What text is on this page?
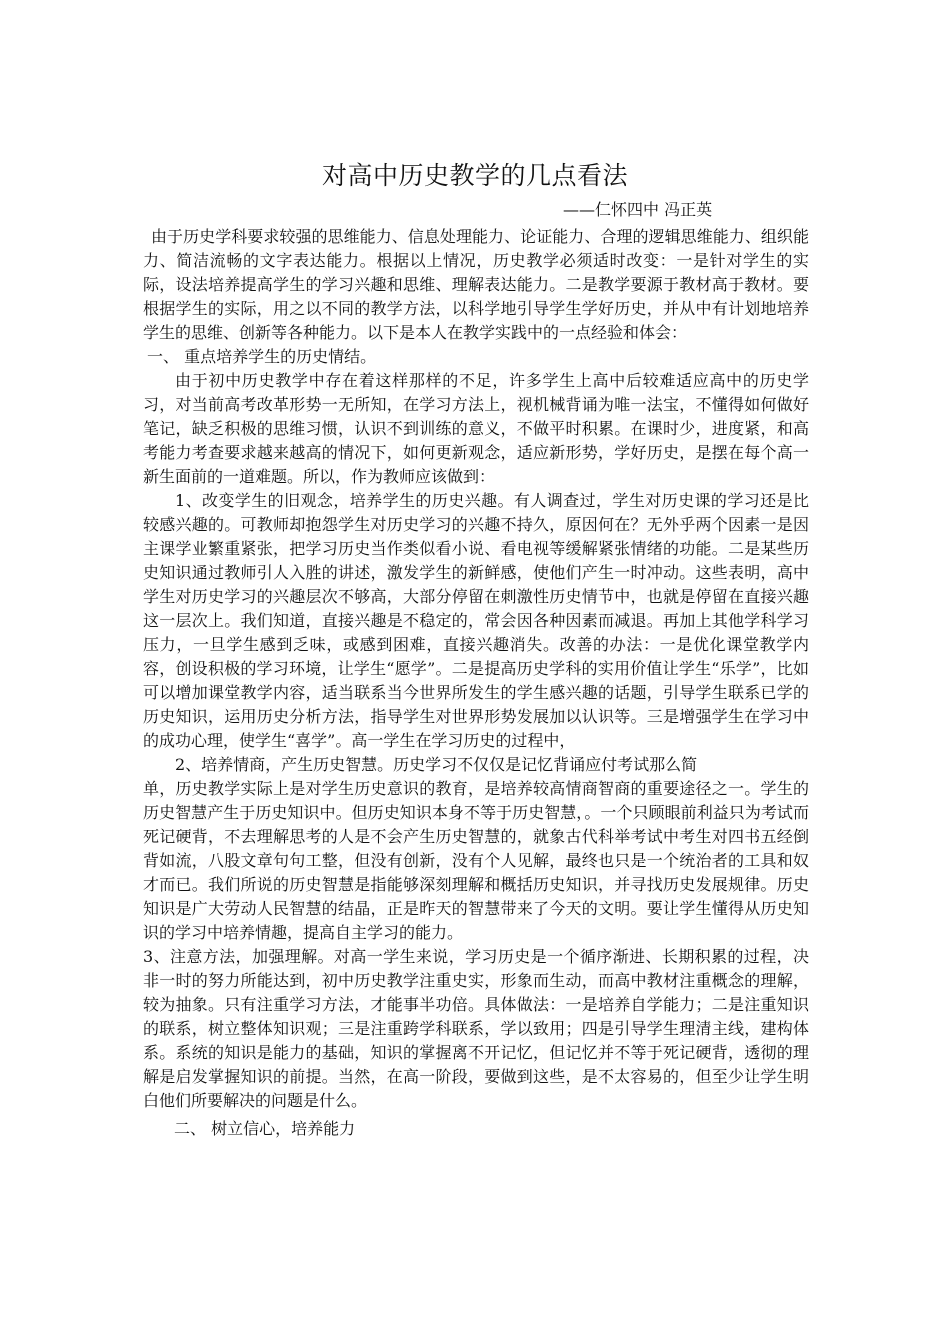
对高中历史教学的几点看法
——仁怀四中 冯正英

由于历史学科要求较强的思维能力、信息处理能力、论证能力、合理的逻辑思维能力、组织能力、简洁流畅的文字表达能力。根据以上情况，历史教学必须适时改变：一是针对学生的实际，设法培养提高学生的学习兴趣和思维、理解表达能力。二是教学要源于教材高于教材。要根据学生的实际，用之以不同的教学方法，以科学地引导学生学好历史，并从中有计划地培养学生的思维、创新等各种能力。以下是本人在教学实践中的一点经验和体会：

一、 重点培养学生的历史情结。

由于初中历史教学中存在着这样那样的不足，许多学生上高中后较难适应高中的历史学习，对当前高考改革形势一无所知，在学习方法上，视机械背诵为唯一法宝，不懂得如何做好笔记，缺乏积极的思维习惯，认识不到训练的意义，不做平时积累。在课时少，进度紧，和高考能力考查要求越来越高的情况下，如何更新观念，适应新形势，学好历史，是摆在每个高一新生面前的一道难题。所以，作为教师应该做到：

1、改变学生的旧观念，培养学生的历史兴趣。有人调查过，学生对历史课的学习还是比较感兴趣的。可教师却抱怨学生对历史学习的兴趣不持久，原因何在？无外乎两个因素一是因主课学业繁重紧张，把学习历史当作类似看小说、看电视等缓解紧张情绪的功能。二是某些历史知识通过教师引人入胜的讲述，激发学生的新鲜感，使他们产生一时冲动。这些表明，高中学生对历史学习的兴趣层次不够高，大部分停留在刺激性历史情节中，也就是停留在直接兴趣这一层次上。我们知道，直接兴趣是不稳定的，常会因各种因素而减退。再加上其他学科学习压力，一旦学生感到乏味，或感到困难，直接兴趣消失。改善的办法：一是优化课堂教学内容，创设积极的学习环境，让学生“愿学”。二是提高历史学科的实用价值让学生“乐学”，比如可以增加课堂教学内容，适当联系当今世界所发生的学生感兴趣的话题，引导学生联系已学的历史知识，运用历史分析方法，指导学生对世界形势发展加以认识等。三是增强学生在学习中的成功心理，使学生“喜学”。高一学生在学习历史的过程中，

2、培养情商，产生历史智慧。历史学习不仅仅是记忆背诵应付考试那么简

单，历史教学实际上是对学生历史意识的教育，是培养较高情商智商的重要途径之一。学生的历史智慧产生于历史知识中。但历史知识本身不等于历史智慧，。一个只顾眼前利益只为考试而死记硬背，不去理解思考的人是不会产生历史智慧的，就象古代科举考试中考生对四书五经倒背如流，八股文章句句工整，但没有创新，没有个人见解，最终也只是一个统治者的工具和奴才而已。我们所说的历史智慧是指能够深刻理解和概括历史知识，并寻找历史发展规律。历史知识是广大劳动人民智慧的结晶，正是昨天的智慧带来了今天的文明。要让学生懂得从历史知识的学习中培养情趣，提高自主学习的能力。

3、注意方法，加强理解。对高一学生来说，学习历史是一个循序渐进、长期积累的过程，决非一时的努力所能达到，初中历史教学注重史实，形象而生动，而高中教材注重概念的理解，较为抽象。只有注重学习方法，才能事半功倍。具体做法：一是培养自学能力；二是注重知识的联系，树立整体知识观；三是注重跨学科联系，学以致用；四是引导学生理清主线，建构体系。系统的知识是能力的基础，知识的掌握离不开记忆，但记忆并不等于死记硬背，透彻的理解是启发掌握知识的前提。当然，在高一阶段，要做到这些，是不太容易的，但至少让学生明白他们所要解决的问题是什么。

二、 树立信心，培养能力
